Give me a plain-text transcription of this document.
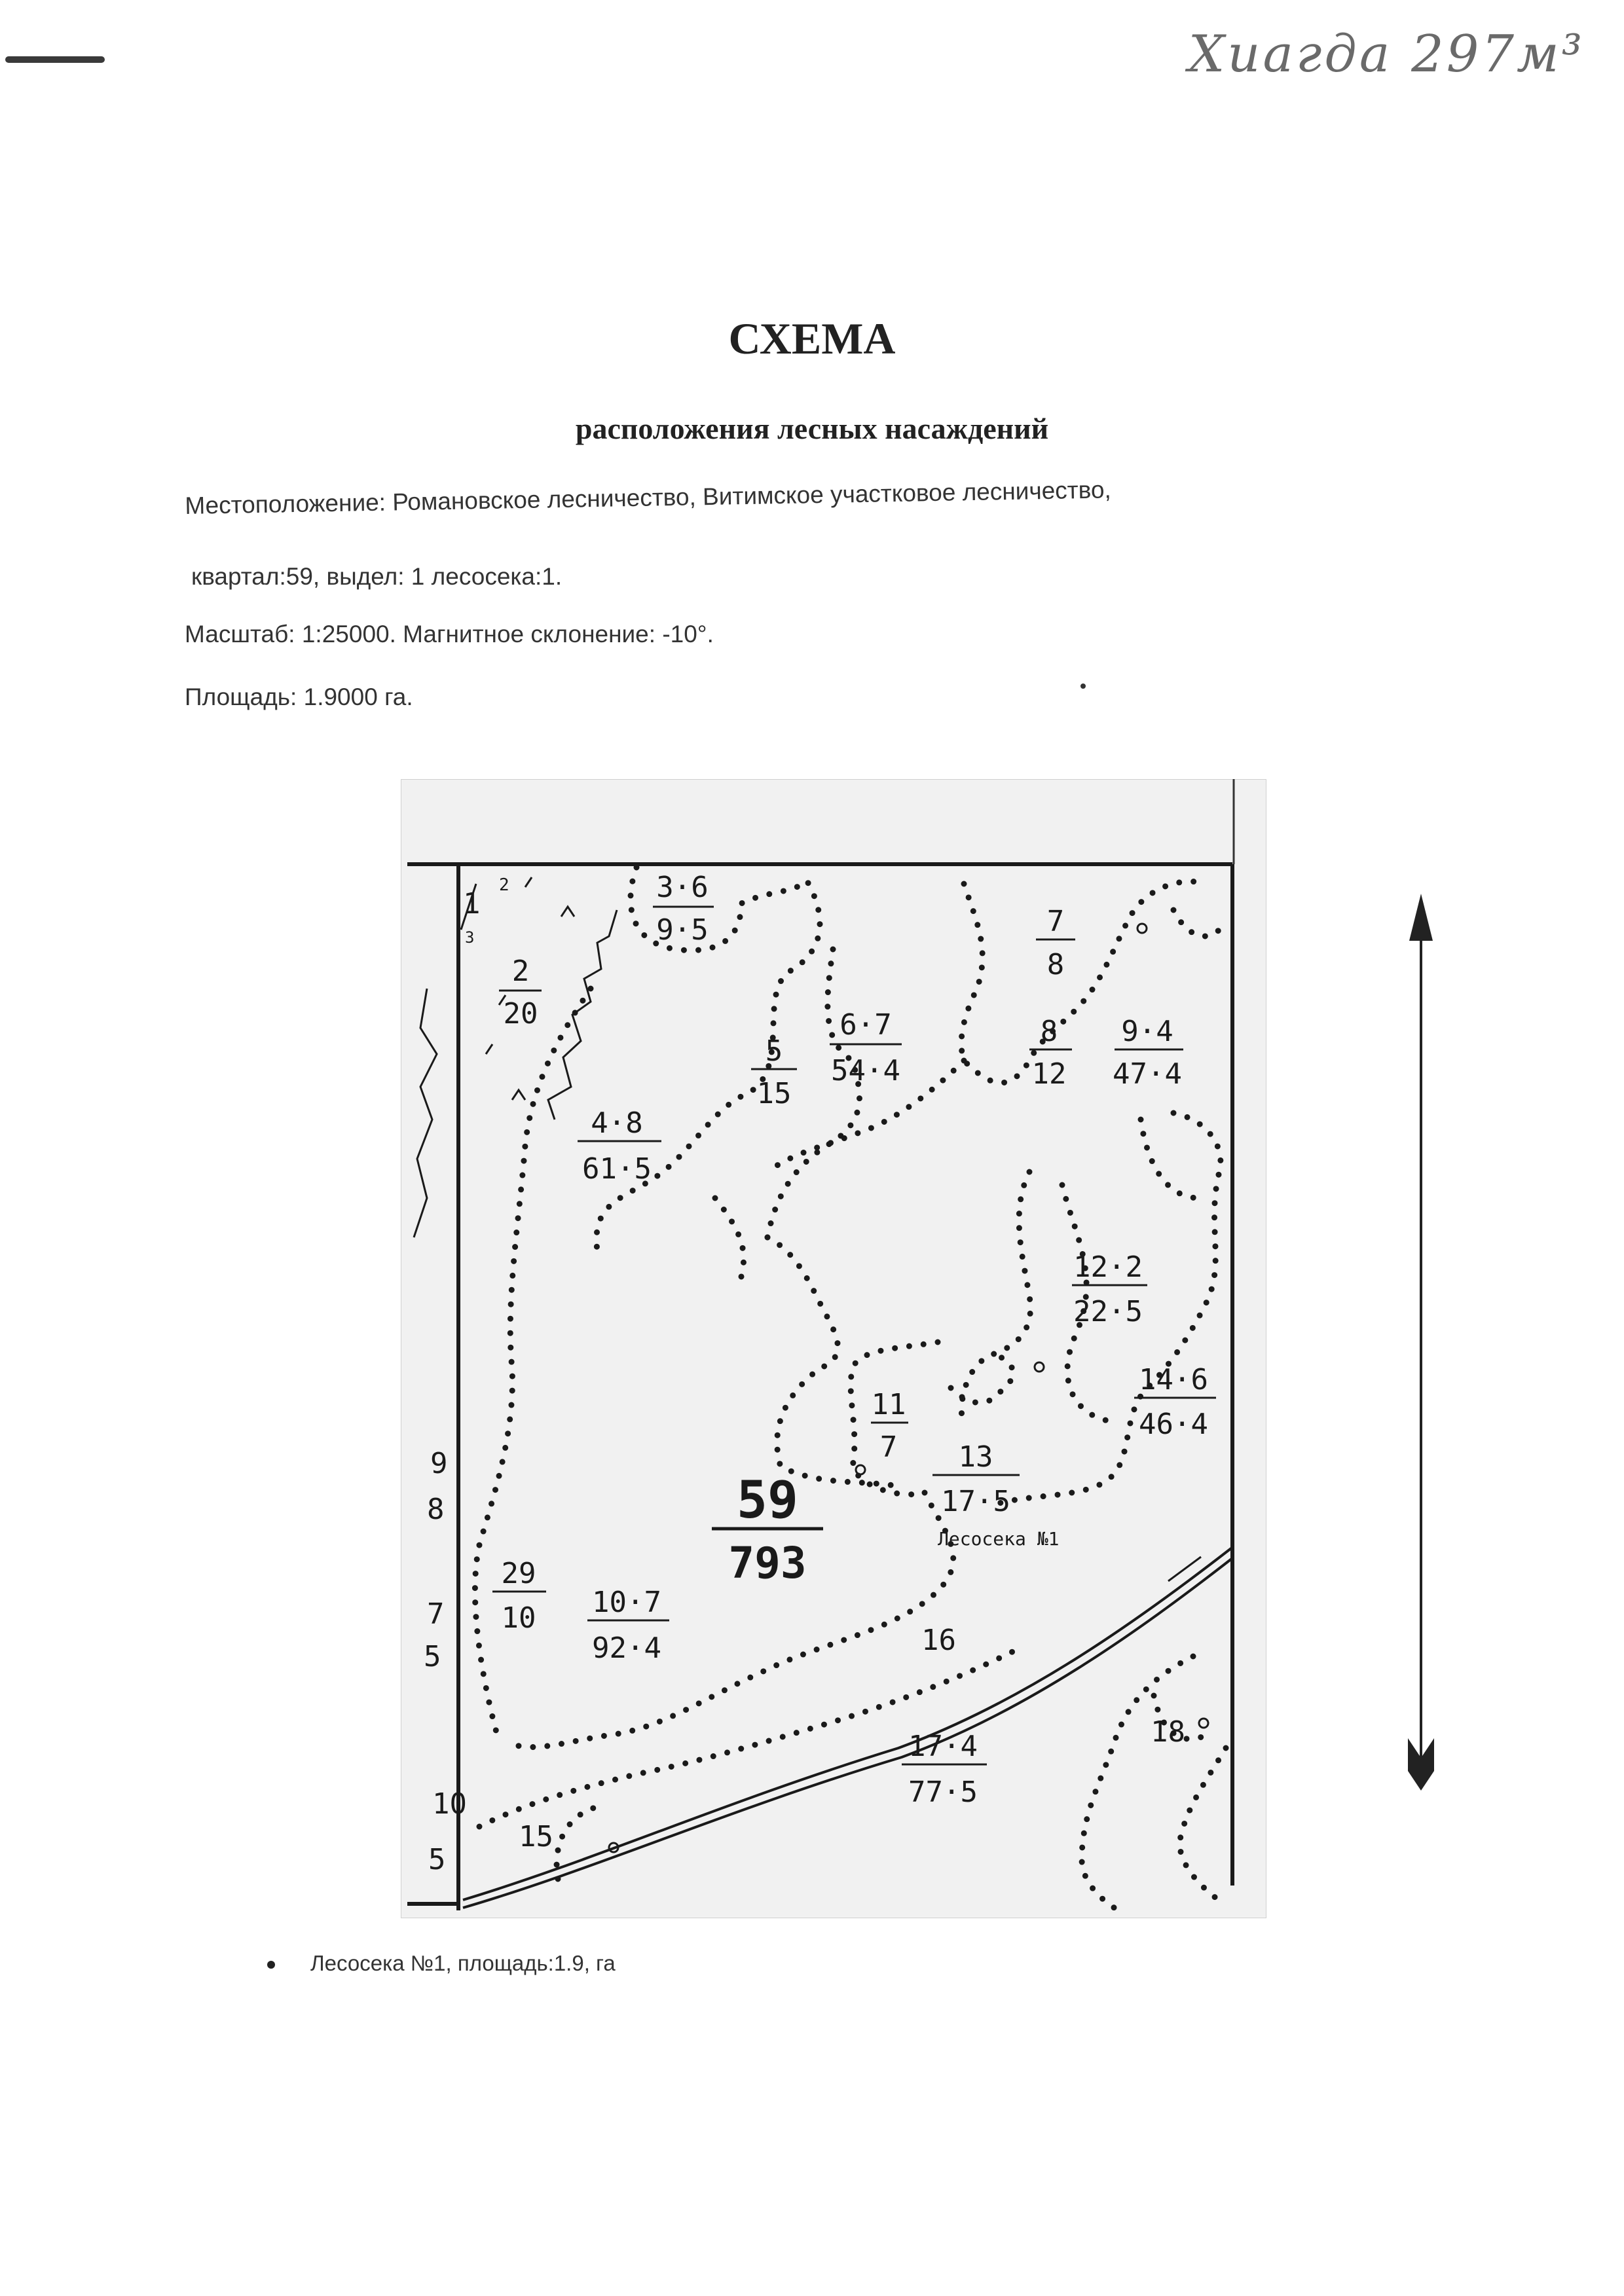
Хиагда 297м³
СХЕМА
расположения лесных насаждений
Местоположение: Романовское лесничество, Витимское участковое лесничество,
квартал:59, выдел: 1 лесосека:1.
Масштаб: 1:25000. Магнитное склонение: -10°.
Площадь: 1.9000 га.
3·6
9·5
2
20
5
15
6·7
54·4
7
8
8
12
9·4
47·4
4·8
61·5
12·2
22·5
14·6
46·4
11
7 13
17·5
29
10 10·7
92·4
17·4
77·5
59
793	Лесосека №1
1
2
3
16
18
15
9
8
7
5
10
5
Лесосека №1, площадь:1.9, га
